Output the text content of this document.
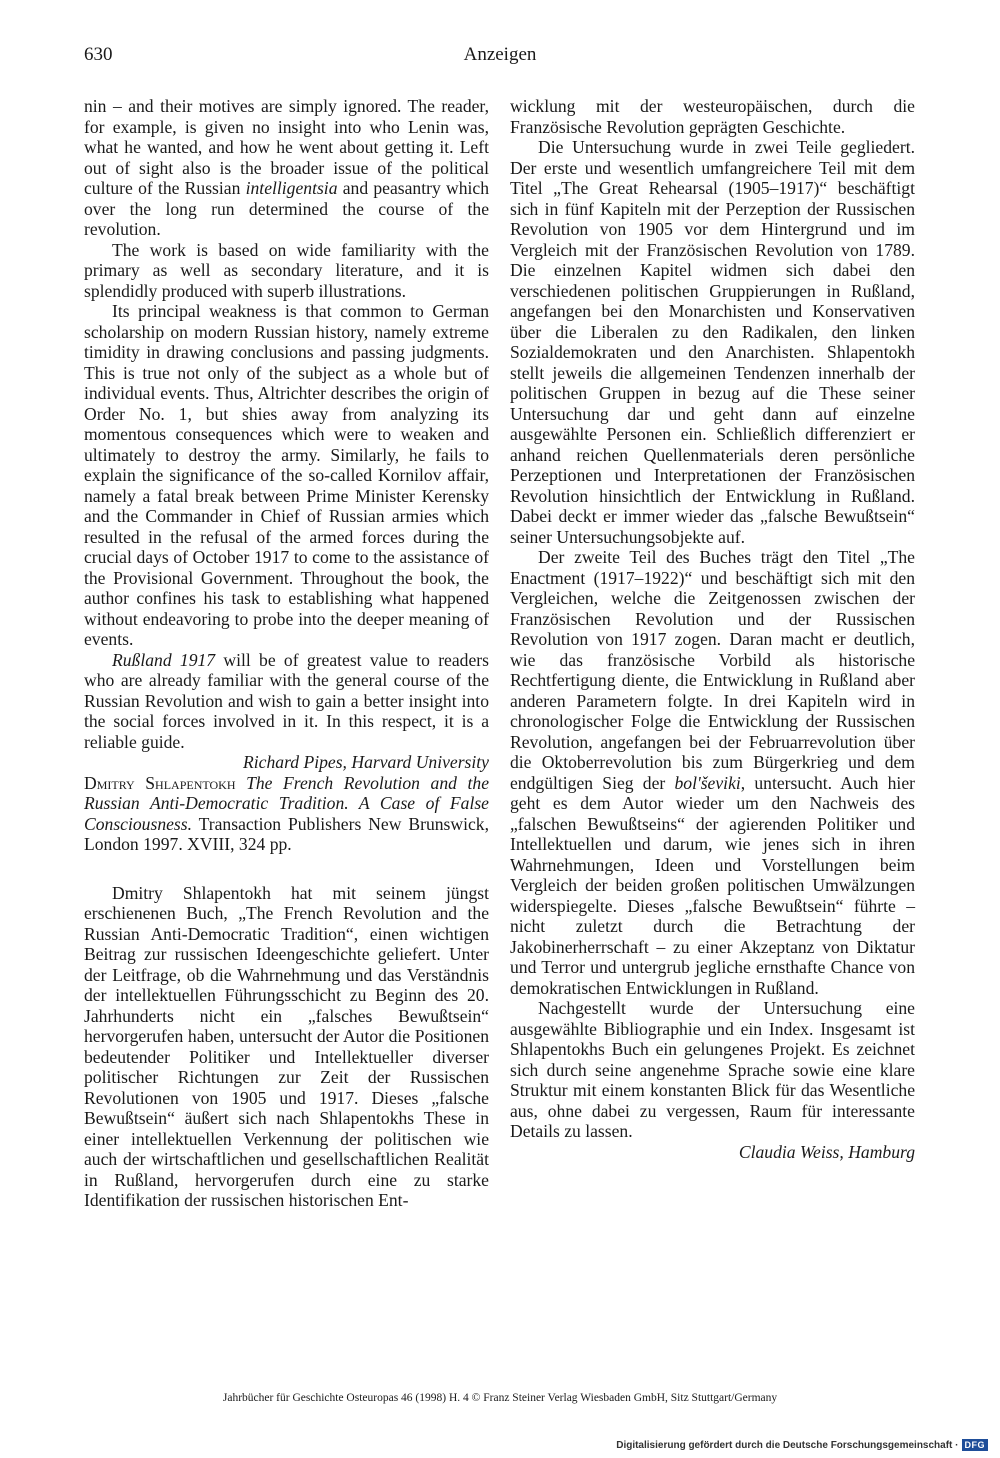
630	Anzeigen

nin – and their motives are simply ignored. The reader, for example, is given no insight into who Lenin was, what he wanted, and how he went about getting it. Left out of sight also is the broader issue of the political culture of the Russian intelligentsia and peasantry which over the long run determined the course of the revolution.

The work is based on wide familiarity with the primary as well as secondary literature, and it is splendidly produced with superb illustrations.

Its principal weakness is that common to German scholarship on modern Russian history, namely extreme timidity in drawing conclusions and passing judgments. This is true not only of the subject as a whole but of individual events. Thus, Altrichter describes the origin of Order No. 1, but shies away from analyzing its momentous consequences which were to weaken and ultimately to destroy the army. Similarly, he fails to explain the significance of the so-called Kornilov affair, namely a fatal break between Prime Minister Kerensky and the Commander in Chief of Russian armies which resulted in the refusal of the armed forces during the crucial days of October 1917 to come to the assistance of the Provisional Government. Throughout the book, the author confines his task to establishing what happened without endeavoring to probe into the deeper meaning of events.

Rußland 1917 will be of greatest value to readers who are already familiar with the general course of the Russian Revolution and wish to gain a better insight into the social forces involved in it. In this respect, it is a reliable guide.

Richard Pipes, Harvard University

Dmitry Shlapentokh The French Revolution and the Russian Anti-Democratic Tradition. A Case of False Consciousness. Transaction Publishers New Brunswick, London 1997. XVIII, 324 pp.

Dmitry Shlapentokh hat mit seinem jüngst erschienenen Buch, „The French Revolution and the Russian Anti-Democratic Tradition“, einen wichtigen Beitrag zur russischen Ideengeschichte geliefert. Unter der Leitfrage, ob die Wahrnehmung und das Verständnis der intellektuellen Führungsschicht zu Beginn des 20. Jahrhunderts nicht ein „falsches Bewußtsein“ hervorgerufen haben, untersucht der Autor die Positionen bedeutender Politiker und Intellektueller diverser politischer Richtungen zur Zeit der Russischen Revolutionen von 1905 und 1917. Dieses „falsche Bewußtsein“ äußert sich nach Shlapentokhs These in einer intellektuellen Verkennung der politischen wie auch der wirtschaftlichen und gesellschaftlichen Realität in Rußland, hervorgerufen durch eine zu starke Identifikation der russischen historischen Ent-

wicklung mit der westeuropäischen, durch die Französische Revolution geprägten Geschichte.

Die Untersuchung wurde in zwei Teile gegliedert. Der erste und wesentlich umfangreichere Teil mit dem Titel „The Great Rehearsal (1905–1917)“ beschäftigt sich in fünf Kapiteln mit der Perzeption der Russischen Revolution von 1905 vor dem Hintergrund und im Vergleich mit der Französischen Revolution von 1789. Die einzelnen Kapitel widmen sich dabei den verschiedenen politischen Gruppierungen in Rußland, angefangen bei den Monarchisten und Konservativen über die Liberalen zu den Radikalen, den linken Sozialdemokraten und den Anarchisten. Shlapentokh stellt jeweils die allgemeinen Tendenzen innerhalb der politischen Gruppen in bezug auf die These seiner Untersuchung dar und geht dann auf einzelne ausgewählte Personen ein. Schließlich differenziert er anhand reichen Quellenmaterials deren persönliche Perzeptionen und Interpretationen der Französischen Revolution hinsichtlich der Entwicklung in Rußland. Dabei deckt er immer wieder das „falsche Bewußtsein“ seiner Untersuchungsobjekte auf.

Der zweite Teil des Buches trägt den Titel „The Enactment (1917–1922)“ und beschäftigt sich mit den Vergleichen, welche die Zeitgenossen zwischen der Französischen Revolution und der Russischen Revolution von 1917 zogen. Daran macht er deutlich, wie das französische Vorbild als historische Rechtfertigung diente, die Entwicklung in Rußland aber anderen Parametern folgte. In drei Kapiteln wird in chronologischer Folge die Entwicklung der Russischen Revolution, angefangen bei der Februarrevolution über die Oktoberrevolution bis zum Bürgerkrieg und dem endgültigen Sieg der bol'ševiki, untersucht. Auch hier geht es dem Autor wieder um den Nachweis des „falschen Bewußtseins“ der agierenden Politiker und Intellektuellen und darum, wie jenes sich in ihren Wahrnehmungen, Ideen und Vorstellungen beim Vergleich der beiden großen politischen Umwälzungen widerspiegelte. Dieses „falsche Bewußtsein“ führte – nicht zuletzt durch die Betrachtung der Jakobinerherrschaft – zu einer Akzeptanz von Diktatur und Terror und untergrub jegliche ernsthafte Chance von demokratischen Entwicklungen in Rußland.

Nachgestellt wurde der Untersuchung eine ausgewählte Bibliographie und ein Index. Insgesamt ist Shlapentokhs Buch ein gelungenes Projekt. Es zeichnet sich durch seine angenehme Sprache sowie eine klare Struktur mit einem konstanten Blick für das Wesentliche aus, ohne dabei zu vergessen, Raum für interessante Details zu lassen.

Claudia Weiss, Hamburg

Jahrbücher für Geschichte Osteuropas 46 (1998) H. 4 © Franz Steiner Verlag Wiesbaden GmbH, Sitz Stuttgart/Germany
Digitalisierung gefördert durch die Deutsche Forschungsgemeinschaft · DFG
